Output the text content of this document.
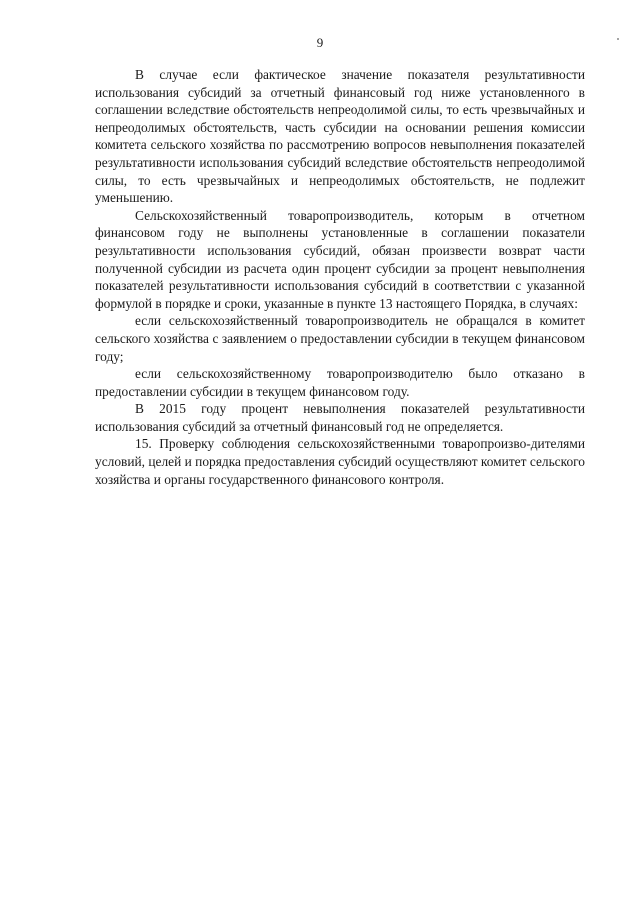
9

В случае если фактическое значение показателя результативности использования субсидий за отчетный финансовый год ниже установленного в соглашении вследствие обстоятельств непреодолимой силы, то есть чрезвычайных и непреодолимых обстоятельств, часть субсидии на основании решения комиссии комитета сельского хозяйства по рассмотрению вопросов невыполнения показателей результативности использования субсидий вследствие обстоятельств непреодолимой силы, то есть чрезвычайных и непреодолимых обстоятельств, не подлежит уменьшению.

Сельскохозяйственный товаропроизводитель, которым в отчетном финансовом году не выполнены установленные в соглашении показатели результативности использования субсидий, обязан произвести возврат части полученной субсидии из расчета один процент субсидии за процент невыполнения показателей результативности использования субсидий в соответствии с указанной формулой в порядке и сроки, указанные в пункте 13 настоящего Порядка, в случаях:

если сельскохозяйственный товаропроизводитель не обращался в комитет сельского хозяйства с заявлением о предоставлении субсидии в текущем финансовом году;

если сельскохозяйственному товаропроизводителю было отказано в предоставлении субсидии в текущем финансовом году.

В 2015 году процент невыполнения показателей результативности использования субсидий за отчетный финансовый год не определяется.

15. Проверку соблюдения сельскохозяйственными товаропроизво-дителями условий, целей и порядка предоставления субсидий осуществляют комитет сельского хозяйства и органы государственного финансового контроля.
